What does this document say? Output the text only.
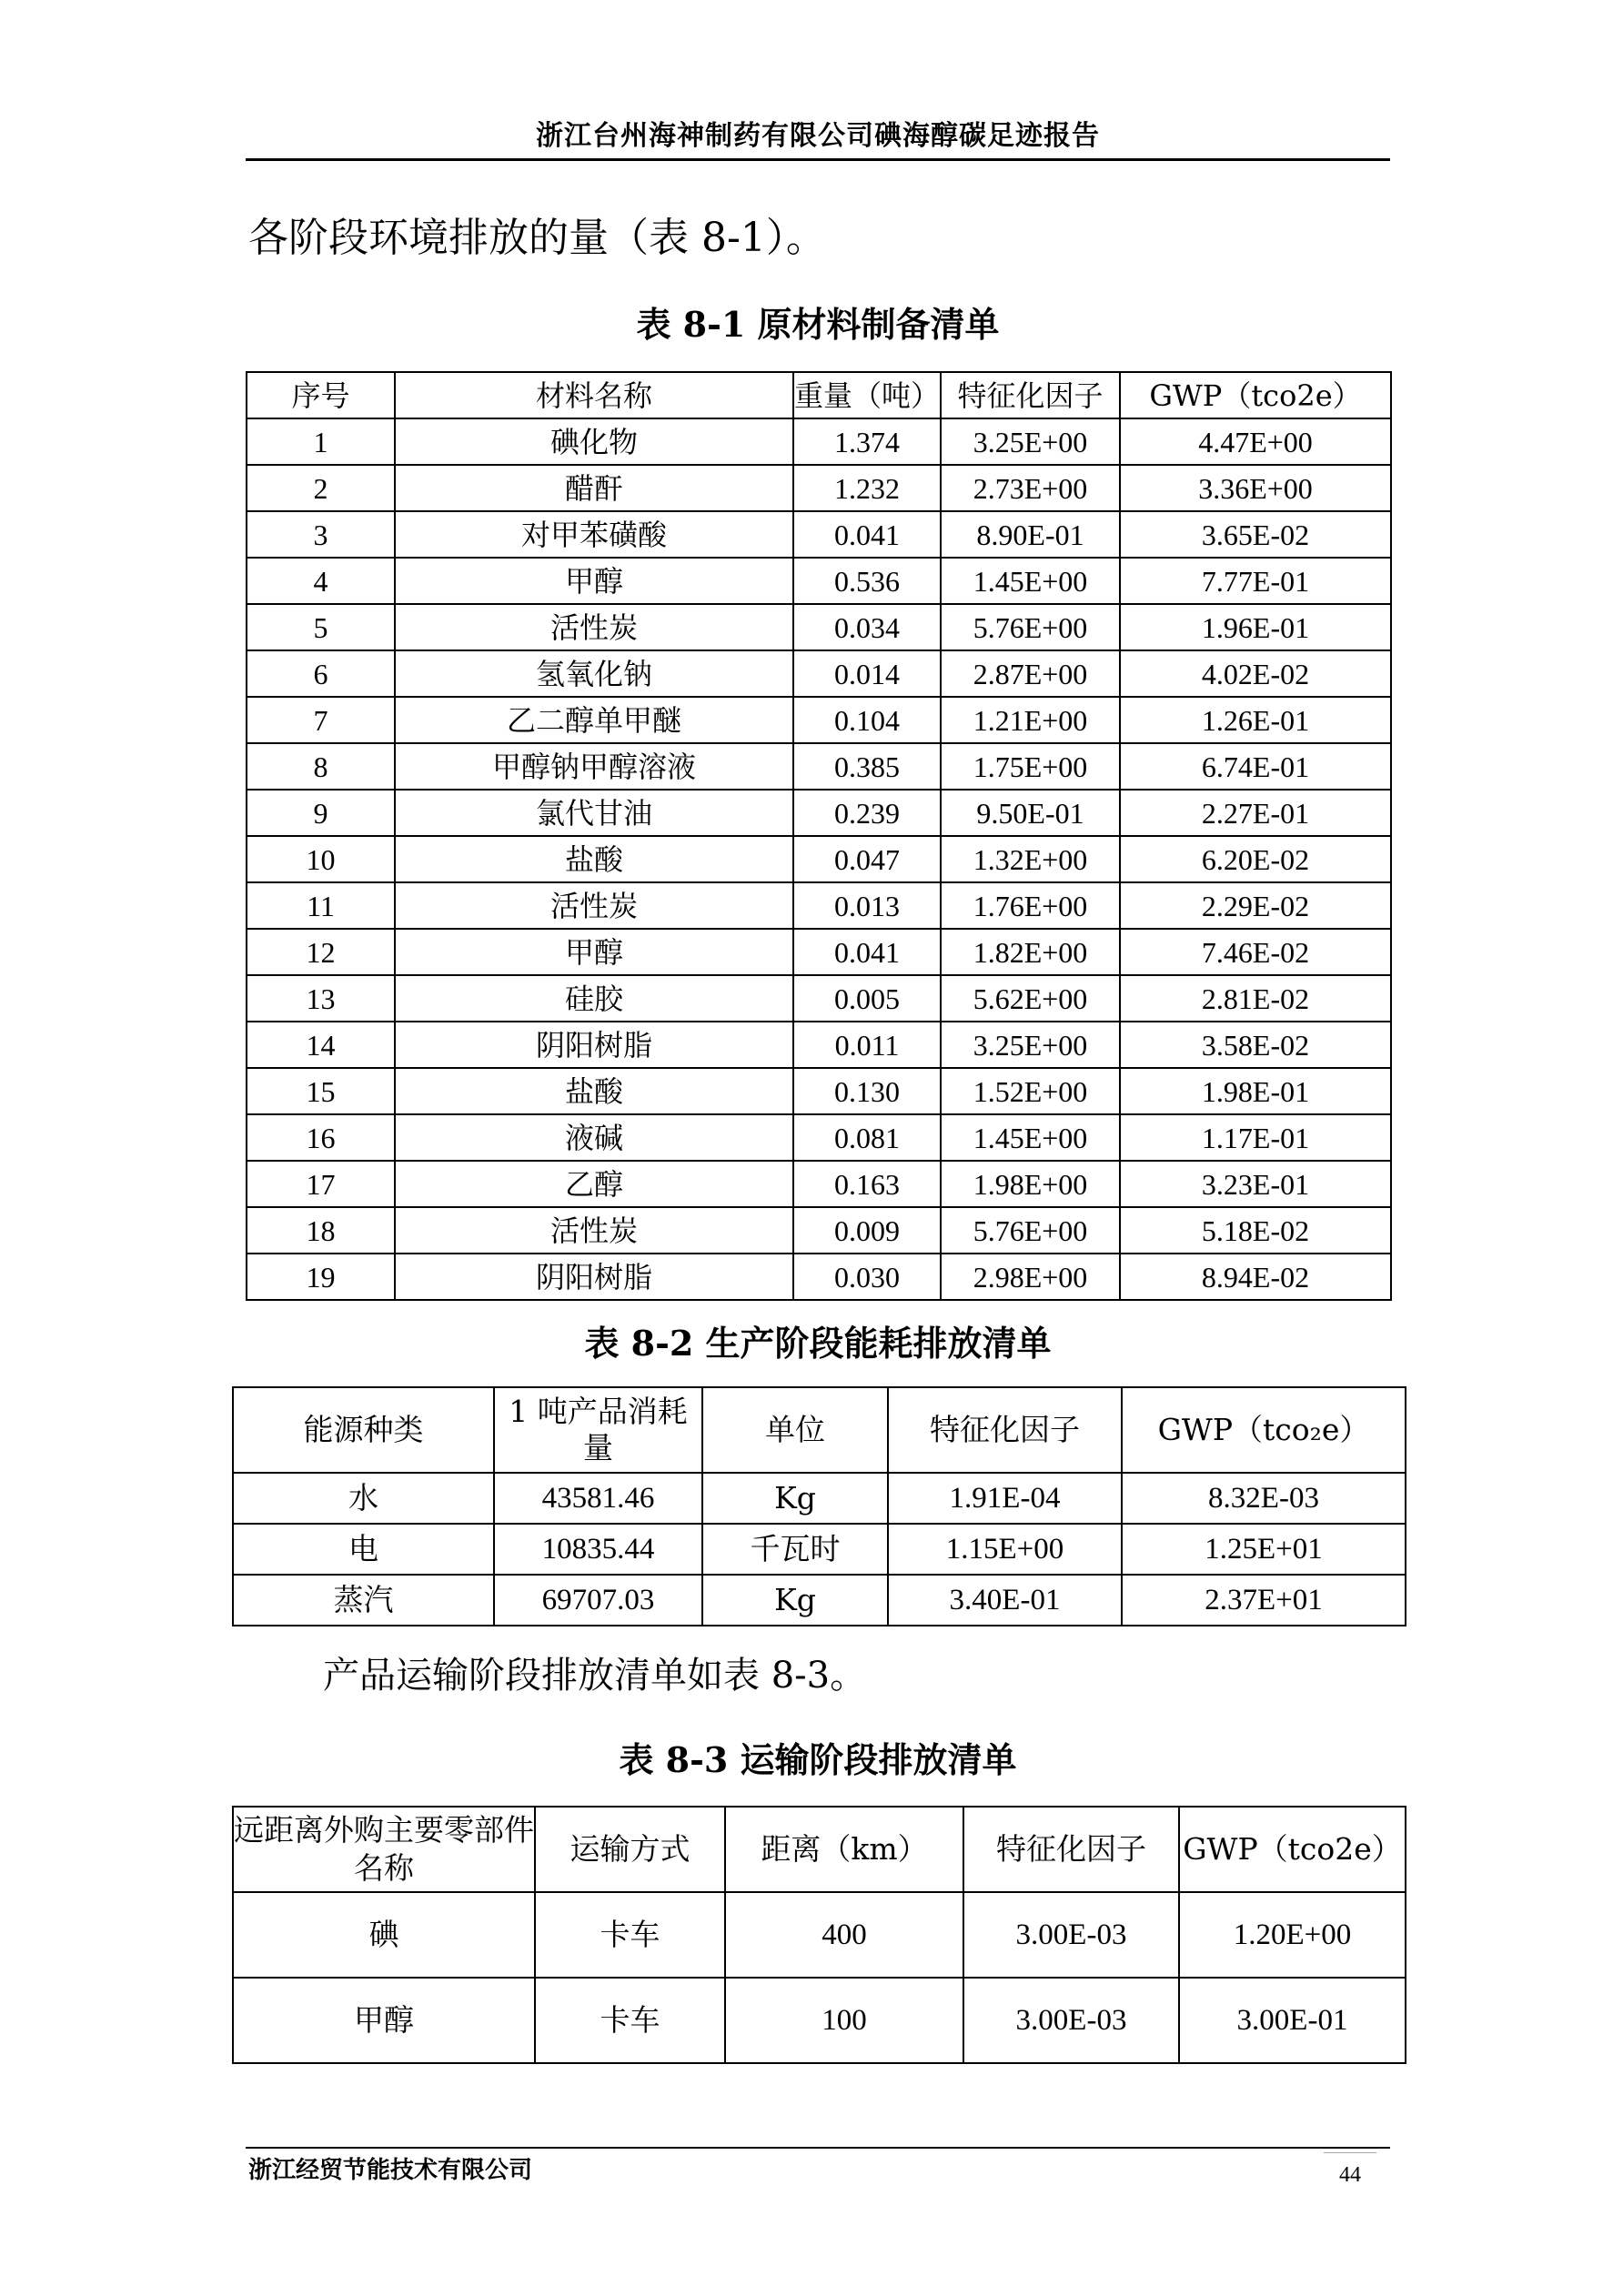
浙江台州海神制药有限公司碘海醇碳足迹报告
各阶段环境排放的量（表 8-1）。
表 8-1 原材料制备清单
序号	材料名称	重量（吨）	特征化因子	GWP（tco2e）
1	碘化物	1.374	3.25E+00	4.47E+00
2	醋酐	1.232	2.73E+00	3.36E+00
3	对甲苯磺酸	0.041	8.90E-01	3.65E-02
4	甲醇	0.536	1.45E+00	7.77E-01
5	活性炭	0.034	5.76E+00	1.96E-01
6	氢氧化钠	0.014	2.87E+00	4.02E-02
7	乙二醇单甲醚	0.104	1.21E+00	1.26E-01
8	甲醇钠甲醇溶液	0.385	1.75E+00	6.74E-01
9	氯代甘油	0.239	9.50E-01	2.27E-01
10	盐酸	0.047	1.32E+00	6.20E-02
11	活性炭	0.013	1.76E+00	2.29E-02
12	甲醇	0.041	1.82E+00	7.46E-02
13	硅胶	0.005	5.62E+00	2.81E-02
14	阴阳树脂	0.011	3.25E+00	3.58E-02
15	盐酸	0.130	1.52E+00	1.98E-01
16	液碱	0.081	1.45E+00	1.17E-01
17	乙醇	0.163	1.98E+00	3.23E-01
18	活性炭	0.009	5.76E+00	5.18E-02
19	阴阳树脂	0.030	2.98E+00	8.94E-02
表 8-2 生产阶段能耗排放清单
能源种类	1 吨产品消耗量	单位	特征化因子	GWP（tco₂e）
水	43581.46	Kg	1.91E-04	8.32E-03
电	10835.44	千瓦时	1.15E+00	1.25E+01
蒸汽	69707.03	Kg	3.40E-01	2.37E+01
产品运输阶段排放清单如表 8-3。
表 8-3 运输阶段排放清单
远距离外购主要零部件名称	运输方式	距离（km）	特征化因子	GWP（tco2e）
碘	卡车	400	3.00E-03	1.20E+00
甲醇	卡车	100	3.00E-03	3.00E-01
浙江经贸节能技术有限公司	44
